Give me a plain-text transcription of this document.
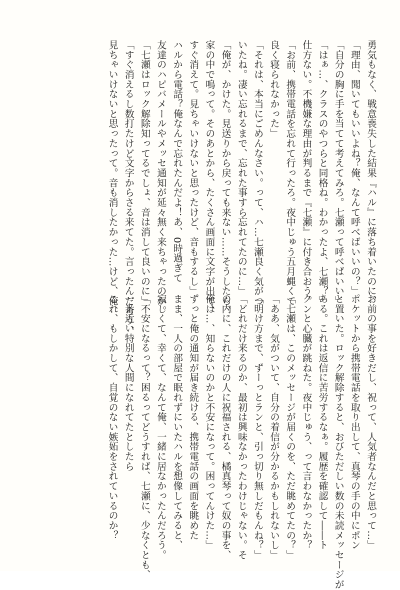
勇気もなく、戦意喪失した結果『ハル』に落ち着いたのに。

「理由、聞いてもいいよね？俺、なんて呼べばいいの？」

「自分の胸に手を当てて考えてみろ。七瀬って呼べばいい」

「はぁ…、クラスのやつらと同格ね。わかったよ、七瀬？」

仕方ない。不機嫌な理由が判るまで『七瀬』に付き合おう。

「お前、携帯電話を忘れて行ったろ。夜中じゅう五月蝿くて

良く寝られなかった」

「それは、本当にごめんなさい。って、ハ…七瀬良く気がつ

いたね。凄い忘れるまで、忘れた事すら忘れてたのに…」

「俺が、かけた。見送りから戻っても来ない……そうしたら、

家の中で鳴って。そのあとから、たくさん画面に文字が出て、

すぐ消えて。見ちゃいけないと思ったけど、音もするし」

ハルから電話？俺なんで忘れたんだよ！あ、0時過ぎて

友達のハピバメールやメッセ通知が延々無く来ちゃったのか。

「七瀬はロック解除知ってるでしょ、音は消して良いのに」

「すぐ消えるし数打たけど文字からさる来てた。言ったんだろう、

見ちゃいけないと思ったって。音も消したかった…けど、俺、

お前の事を好きだし、祝って、人気者なんだと思って…」

ポケットから携帯電話を取り出して、真琴の手の中にポン

と置いた。ロック解除すると、おびただしい数の未読メッセージが

ある。これは返信に苦労するなぁ。履歴を確認して――ト

クンと心臓が跳ねた。夜中じゅう、って言わなかったか？

「七瀬は、このメッセージが届くのを、ただ眺めてたの？」

「ああ、気がついて、自分の着信が分かるかもしれないし」

「明け方まで、ずーっとランと、引っ切り無しだもんね？」

「どれだけ来るのか、最初は興味なかったわけじゃない。そ

の内に、これだけの人に祝福される、橘真琴って奴の事を、

俺は…、知らないのかと不安になって。困ってんけた…」

ずっと俺の通知が届き続ける、携帯電話の画面を眺めた

まま、一人の部屋で眠れずにいたハルを想像してみると、

寂しくて、幸くて、なんて俺、一緒に居なかったんだろう。

「不安になるって？困るってどうすれば、七瀬に、少なくとも、

一番近い特別な人間になれてたとしたら

これ、もしかして、自覚のない嫉妬をされているのか？
